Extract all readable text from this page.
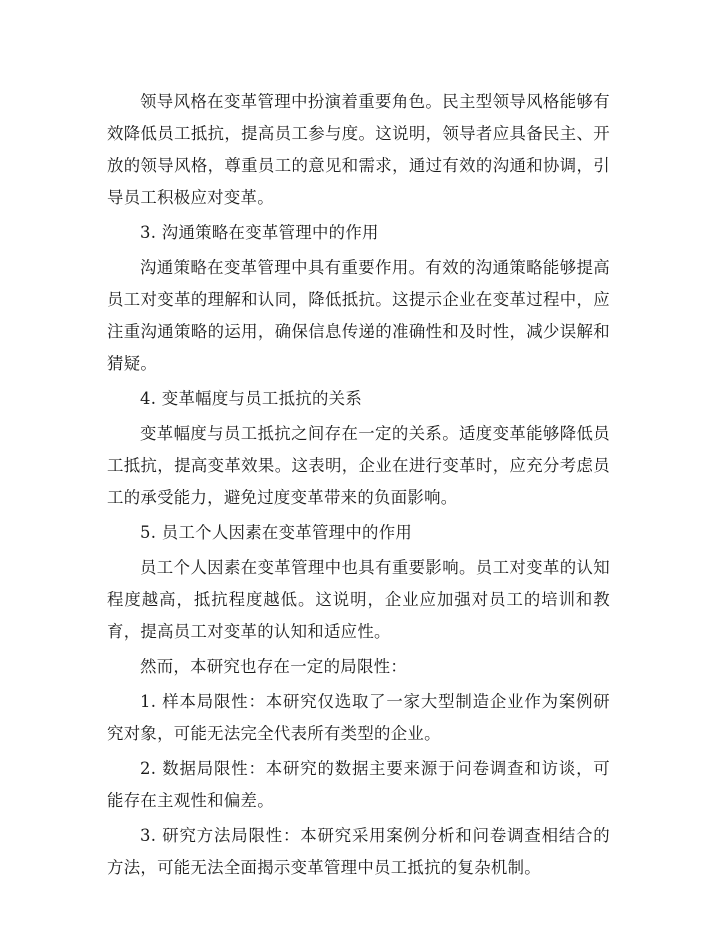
领导风格在变革管理中扮演着重要角色。民主型领导风格能够有效降低员工抵抗，提高员工参与度。这说明，领导者应具备民主、开放的领导风格，尊重员工的意见和需求，通过有效的沟通和协调，引导员工积极应对变革。

3. 沟通策略在变革管理中的作用

沟通策略在变革管理中具有重要作用。有效的沟通策略能够提高员工对变革的理解和认同，降低抵抗。这提示企业在变革过程中，应注重沟通策略的运用，确保信息传递的准确性和及时性，减少误解和猜疑。

4. 变革幅度与员工抵抗的关系

变革幅度与员工抵抗之间存在一定的关系。适度变革能够降低员工抵抗，提高变革效果。这表明，企业在进行变革时，应充分考虑员工的承受能力，避免过度变革带来的负面影响。

5. 员工个人因素在变革管理中的作用

员工个人因素在变革管理中也具有重要影响。员工对变革的认知程度越高，抵抗程度越低。这说明，企业应加强对员工的培训和教育，提高员工对变革的认知和适应性。

然而，本研究也存在一定的局限性：

1. 样本局限性：本研究仅选取了一家大型制造企业作为案例研究对象，可能无法完全代表所有类型的企业。

2. 数据局限性：本研究的数据主要来源于问卷调查和访谈，可能存在主观性和偏差。

3. 研究方法局限性：本研究采用案例分析和问卷调查相结合的方法，可能无法全面揭示变革管理中员工抵抗的复杂机制。
